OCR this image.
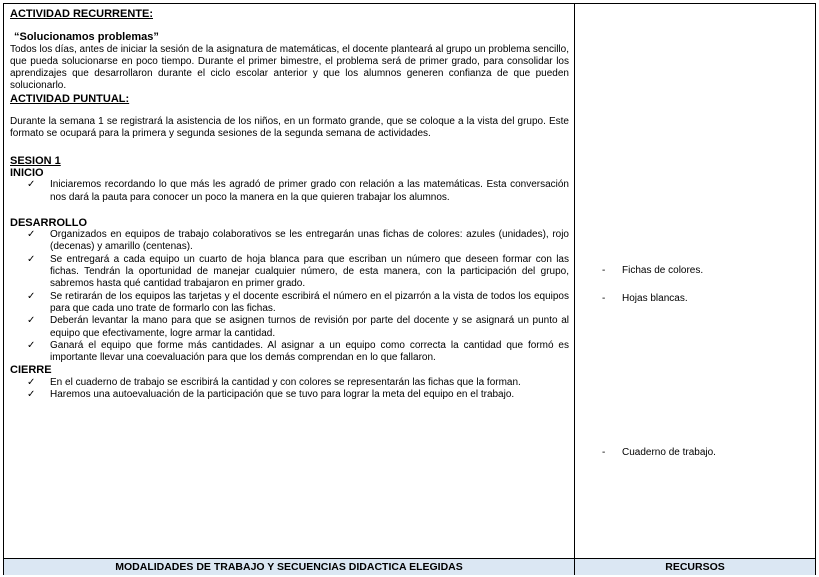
ACTIVIDAD RECURRENTE:
“Solucionamos problemas”
Todos los días, antes de iniciar la sesión de la asignatura de matemáticas, el docente planteará al grupo un problema sencillo, que pueda solucionarse en poco tiempo. Durante el primer bimestre, el problema será de primer grado, para consolidar los aprendizajes que desarrollaron durante el ciclo escolar anterior y que los alumnos generen confianza de que pueden solucionarlo.
ACTIVIDAD PUNTUAL:
Durante la semana 1 se registrará la asistencia de los niños, en un formato grande, que se coloque a la vista del grupo. Este formato se ocupará para la primera y segunda sesiones de la segunda semana de actividades.
SESION 1
INICIO
✓	Iniciaremos recordando lo que más les agradó de primer grado con relación a las matemáticas. Esta conversación nos dará la pauta para conocer un poco la manera en la que quieren trabajar los alumnos.
DESARROLLO
✓	Organizados en equipos de trabajo colaborativos se les entregarán unas fichas de colores: azules (unidades), rojo (decenas) y amarillo (centenas).
✓	Se entregará a cada equipo un cuarto de hoja blanca para que escriban un número que deseen formar con las fichas. Tendrán la oportunidad de manejar cualquier número, de esta manera, con la participación del grupo, sabremos hasta qué cantidad trabajaron en primer grado.
✓	Se retirarán de los equipos las tarjetas y el docente escribirá el número en el pizarrón a la vista de todos los equipos para que cada uno trate de formarlo con las fichas.
✓	Deberán levantar la mano para que se asignen turnos de revisión por parte del docente y se asignará un punto al equipo que efectivamente, logre armar la cantidad.
✓	Ganará el equipo que forme más cantidades. Al asignar a un equipo como correcta la cantidad que formó es importante llevar una coevaluación para que los demás comprendan en lo que fallaron.
CIERRE
✓	En el cuaderno de trabajo se escribirá la cantidad y con colores se representarán las fichas que la forman.
✓	Haremos una autoevaluación de la participación que se tuvo para lograr la meta del equipo en el trabajo.
-	Fichas de colores.
-	Hojas blancas.
-	Cuaderno de trabajo.
MODALIDADES DE TRABAJO Y SECUENCIAS DIDACTICA ELEGIDAS	RECURSOS
